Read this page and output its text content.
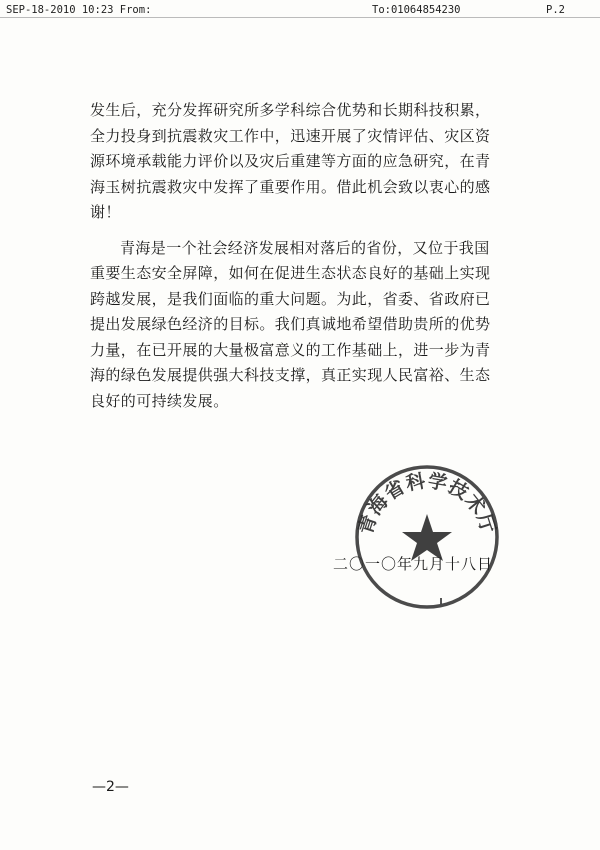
SEP-18-2010 10:23 From:	To:01064854230	P.2

发生后，充分发挥研究所多学科综合优势和长期科技积累，
全力投身到抗震救灾工作中，迅速开展了灾情评估、灾区资
源环境承载能力评价以及灾后重建等方面的应急研究，在青
海玉树抗震救灾中发挥了重要作用。借此机会致以衷心的感
谢！

青海是一个社会经济发展相对落后的省份，又位于我国
重要生态安全屏障，如何在促进生态状态良好的基础上实现
跨越发展，是我们面临的重大问题。为此，省委、省政府已
提出发展绿色经济的目标。我们真诚地希望借助贵所的优势
力量，在已开展的大量极富意义的工作基础上，进一步为青
海的绿色发展提供强大科技支撑，真正实现人民富裕、生态
良好的可持续发展。

二〇一〇年九月十八日
青海省科学技术厅
—2—
